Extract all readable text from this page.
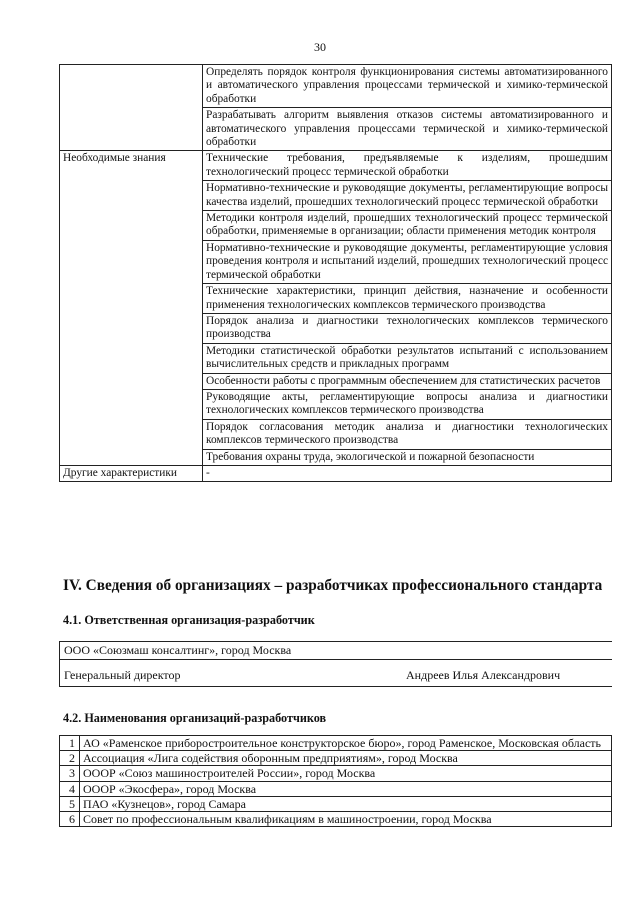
30
	Определять порядок контроля функционирования системы автоматизированного и автоматического управления процессами термической и химико-термической обработки
	Разрабатывать алгоритм выявления отказов системы автоматизированного и автоматического управления процессами термической и химико-термической обработки
Необходимые знания	Технические требования, предъявляемые к изделиям, прошедшим технологический процесс термической обработки
	Нормативно-технические и руководящие документы, регламентирующие вопросы качества изделий, прошедших технологический процесс термической обработки
	Методики контроля изделий, прошедших технологический процесс термической обработки, применяемые в организации; области применения методик контроля
	Нормативно-технические и руководящие документы, регламентирующие условия проведения контроля и испытаний изделий, прошедших технологический процесс термической обработки
	Технические характеристики, принцип действия, назначение и особенности применения технологических комплексов термического производства
	Порядок анализа и диагностики технологических комплексов термического производства
	Методики статистической обработки результатов испытаний с использованием вычислительных средств и прикладных программ
	Особенности работы с программным обеспечением для статистических расчетов
	Руководящие акты, регламентирующие вопросы анализа и диагностики технологических комплексов термического производства
	Порядок согласования методик анализа и диагностики технологических комплексов термического производства
	Требования охраны труда, экологической и пожарной безопасности
Другие характеристики	-
IV. Сведения об организациях – разработчиках профессионального стандарта
4.1. Ответственная организация-разработчик
ООО «Союзмаш консалтинг», город Москва
Генеральный директор	Андреев Илья Александрович
4.2. Наименования организаций-разработчиков
1	АО «Раменское приборостроительное конструкторское бюро», город Раменское, Московская область
2	Ассоциация «Лига содействия оборонным предприятиям», город Москва
3	ОООР «Союз машиностроителей России», город Москва
4	ОООР «Экосфера», город Москва
5	ПАО «Кузнецов», город Самара
6	Совет по профессиональным квалификациям в машиностроении, город Москва
